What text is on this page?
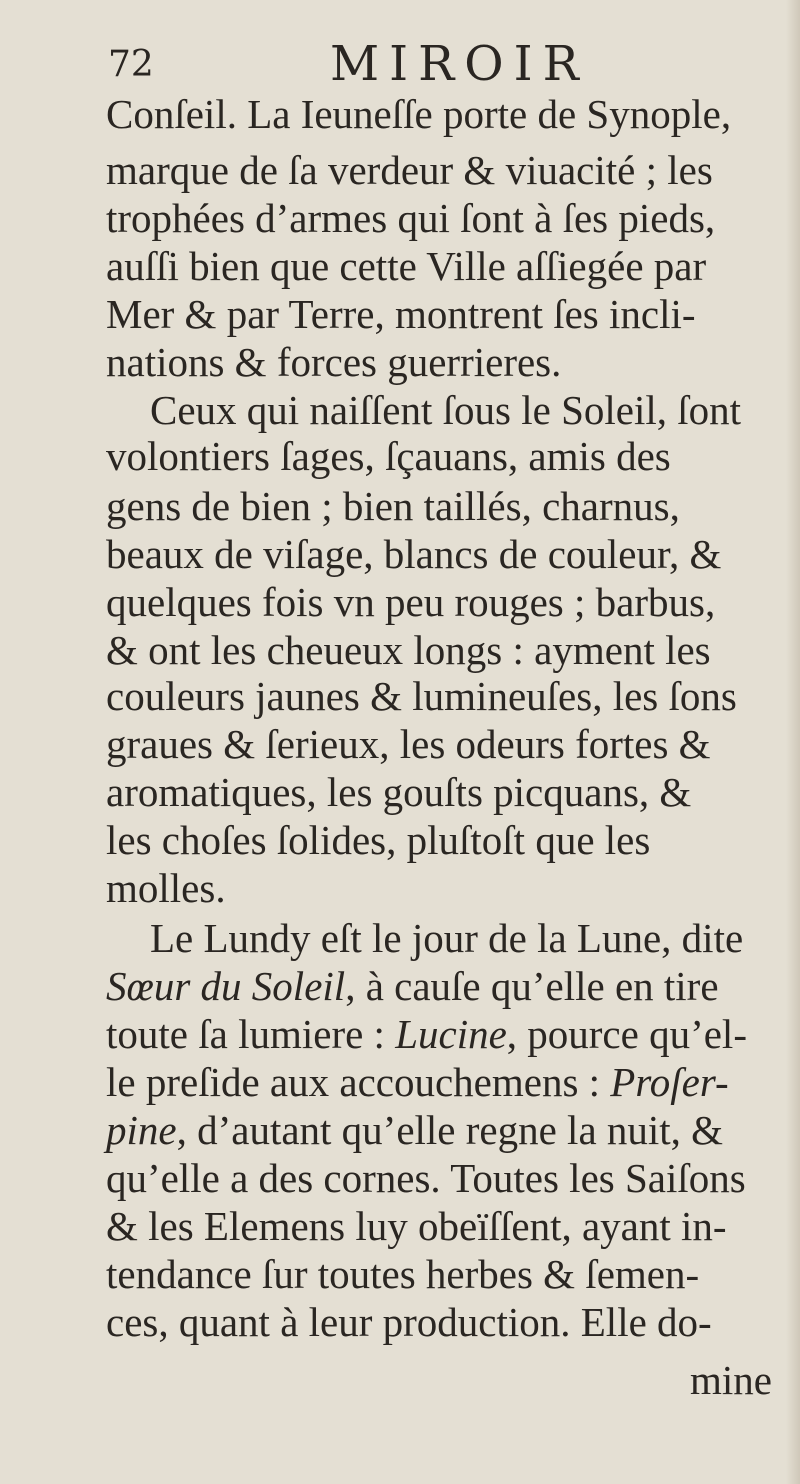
72	MIROIR
Conſeil. La Ieuneſſe porte de Synople,
marque de ſa verdeur & viuacité ; les
trophées d’armes qui ſont à ſes pieds,
auſſi bien que cette Ville aſſiegée par
Mer & par Terre, montrent ſes incli-
nations & forces guerrieres.
Ceux qui naiſſent ſous le Soleil, ſont
volontiers ſages, ſçauans, amis des
gens de bien ; bien taillés, charnus,
beaux de viſage, blancs de couleur, &
quelques fois vn peu rouges ; barbus,
& ont les cheueux longs : ayment les
couleurs jaunes & lumineuſes, les ſons
graues & ſerieux, les odeurs fortes &
aromatiques, les gouſts picquans, &
les choſes ſolides, pluſtoſt que les
molles.
Le Lundy eſt le jour de la Lune, dite
Sœur du Soleil, à cauſe qu’elle en tire
toute ſa lumiere : Lucine, pource qu’el-
le preſide aux accouchemens : Proſer-
pine, d’autant qu’elle regne la nuit, &
qu’elle a des cornes. Toutes les Saiſons
& les Elemens luy obeïſſent, ayant in-
tendance ſur toutes herbes & ſemen-
ces, quant à leur production. Elle do-
mine
